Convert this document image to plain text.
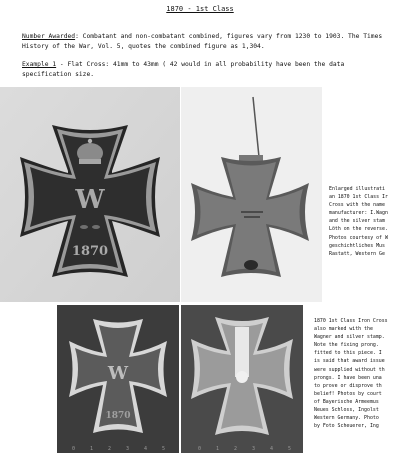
1870 - 1st Class
Number Awarded: Combatant and non-combatant combined, figures vary from 1230 to 1903. The Times History of the War, Vol. 5, quotes the combined figure as 1,304.
Example 1 - Flat Cross: 41mm to 43mm ( 42 would in all probability have been the data specification size.
W
1870
W
1870
Enlarged illustrati
an 1870 1st Class Ir
Cross with the name
manufacturer: I.Wagn
and the silver stam
Löth on the reverse.
Photos courtesy of W
geschichtliches Mus
Rastatt, Western Ge
1870 1st Class Iron Cross
also marked with the
Wagner and silver stamp.
Note the fixing prong.
fitted to this piece. I
is said that award issue
were supplied without th
prongs. I have been una
to prove or disprove th
belief! Photos by court
of Bayerische Armeemus
Neues Schloss, Ingolst
Western Germany. Photo
by Foto Scheuerer, Ing
0	1	2	3	4	5	0	1	2	3	4	5
